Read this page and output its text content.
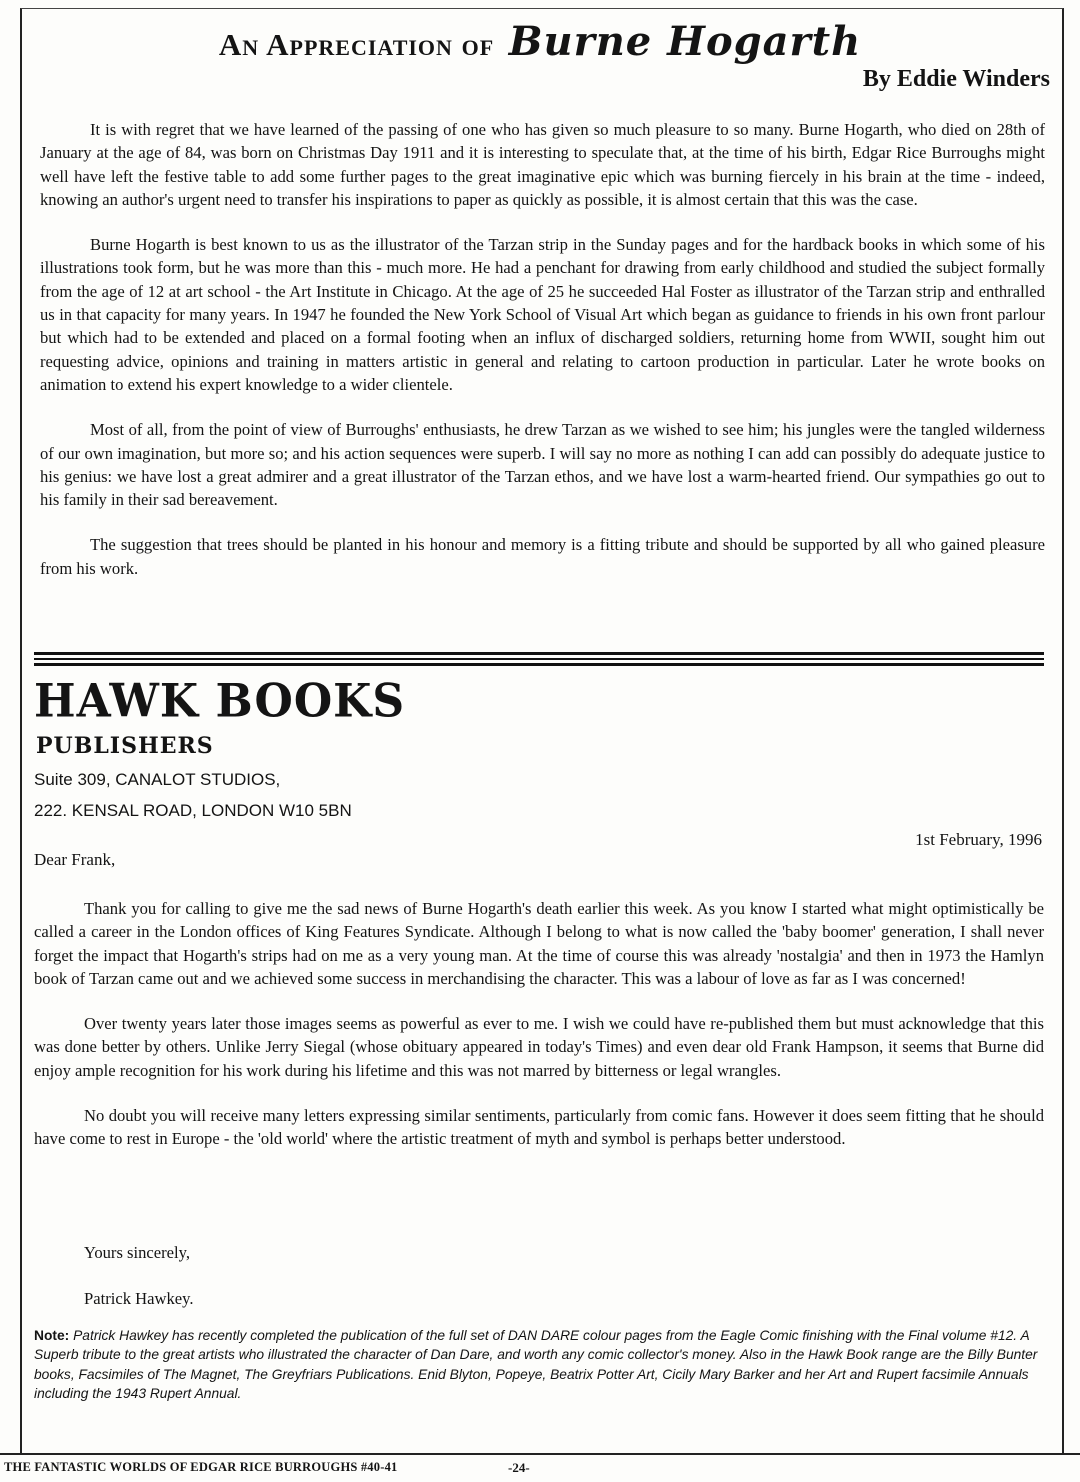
An Appreciation of Burne Hogarth
By Eddie Winders

It is with regret that we have learned of the passing of one who has given so much pleasure to so many. Burne Hogarth, who died on 28th of January at the age of 84, was born on Christmas Day 1911 and it is interesting to speculate that, at the time of his birth, Edgar Rice Burroughs might well have left the festive table to add some further pages to the great imaginative epic which was burning fiercely in his brain at the time - indeed, knowing an author's urgent need to transfer his inspirations to paper as quickly as possible, it is almost certain that this was the case.

Burne Hogarth is best known to us as the illustrator of the Tarzan strip in the Sunday pages and for the hardback books in which some of his illustrations took form, but he was more than this - much more. He had a penchant for drawing from early childhood and studied the subject formally from the age of 12 at art school - the Art Institute in Chicago. At the age of 25 he succeeded Hal Foster as illustrator of the Tarzan strip and enthralled us in that capacity for many years. In 1947 he founded the New York School of Visual Art which began as guidance to friends in his own front parlour but which had to be extended and placed on a formal footing when an influx of discharged soldiers, returning home from WWII, sought him out requesting advice, opinions and training in matters artistic in general and relating to cartoon production in particular. Later he wrote books on animation to extend his expert knowledge to a wider clientele.

Most of all, from the point of view of Burroughs' enthusiasts, he drew Tarzan as we wished to see him; his jungles were the tangled wilderness of our own imagination, but more so; and his action sequences were superb. I will say no more as nothing I can add can possibly do adequate justice to his genius: we have lost a great admirer and a great illustrator of the Tarzan ethos, and we have lost a warm-hearted friend. Our sympathies go out to his family in their sad bereavement.

The suggestion that trees should be planted in his honour and memory is a fitting tribute and should be supported by all who gained pleasure from his work.

HAWK BOOKS
PUBLISHERS
Suite 309, CANALOT STUDIOS,
222. KENSAL ROAD, LONDON W10 5BN
1st February, 1996
Dear Frank,

Thank you for calling to give me the sad news of Burne Hogarth's death earlier this week. As you know I started what might optimistically be called a career in the London offices of King Features Syndicate. Although I belong to what is now called the 'baby boomer' generation, I shall never forget the impact that Hogarth's strips had on me as a very young man. At the time of course this was already 'nostalgia' and then in 1973 the Hamlyn book of Tarzan came out and we achieved some success in merchandising the character. This was a labour of love as far as I was concerned!

Over twenty years later those images seems as powerful as ever to me. I wish we could have re-published them but must acknowledge that this was done better by others. Unlike Jerry Siegal (whose obituary appeared in today's Times) and even dear old Frank Hampson, it seems that Burne did enjoy ample recognition for his work during his lifetime and this was not marred by bitterness or legal wrangles.

No doubt you will receive many letters expressing similar sentiments, particularly from comic fans. However it does seem fitting that he should have come to rest in Europe - the 'old world' where the artistic treatment of myth and symbol is perhaps better understood.

Yours sincerely,
Patrick Hawkey.
Note: Patrick Hawkey has recently completed the publication of the full set of DAN DARE colour pages from the Eagle Comic finishing with the Final volume #12. A Superb tribute to the great artists who illustrated the character of Dan Dare, and worth any comic collector's money. Also in the Hawk Book range are the Billy Bunter books, Facsimiles of The Magnet, The Greyfriars Publications. Enid Blyton, Popeye, Beatrix Potter Art, Cicily Mary Barker and her Art and Rupert facsimile Annuals including the 1943 Rupert Annual.
THE FANTASTIC WORLDS OF EDGAR RICE BURROUGHS #40-41	-24-
